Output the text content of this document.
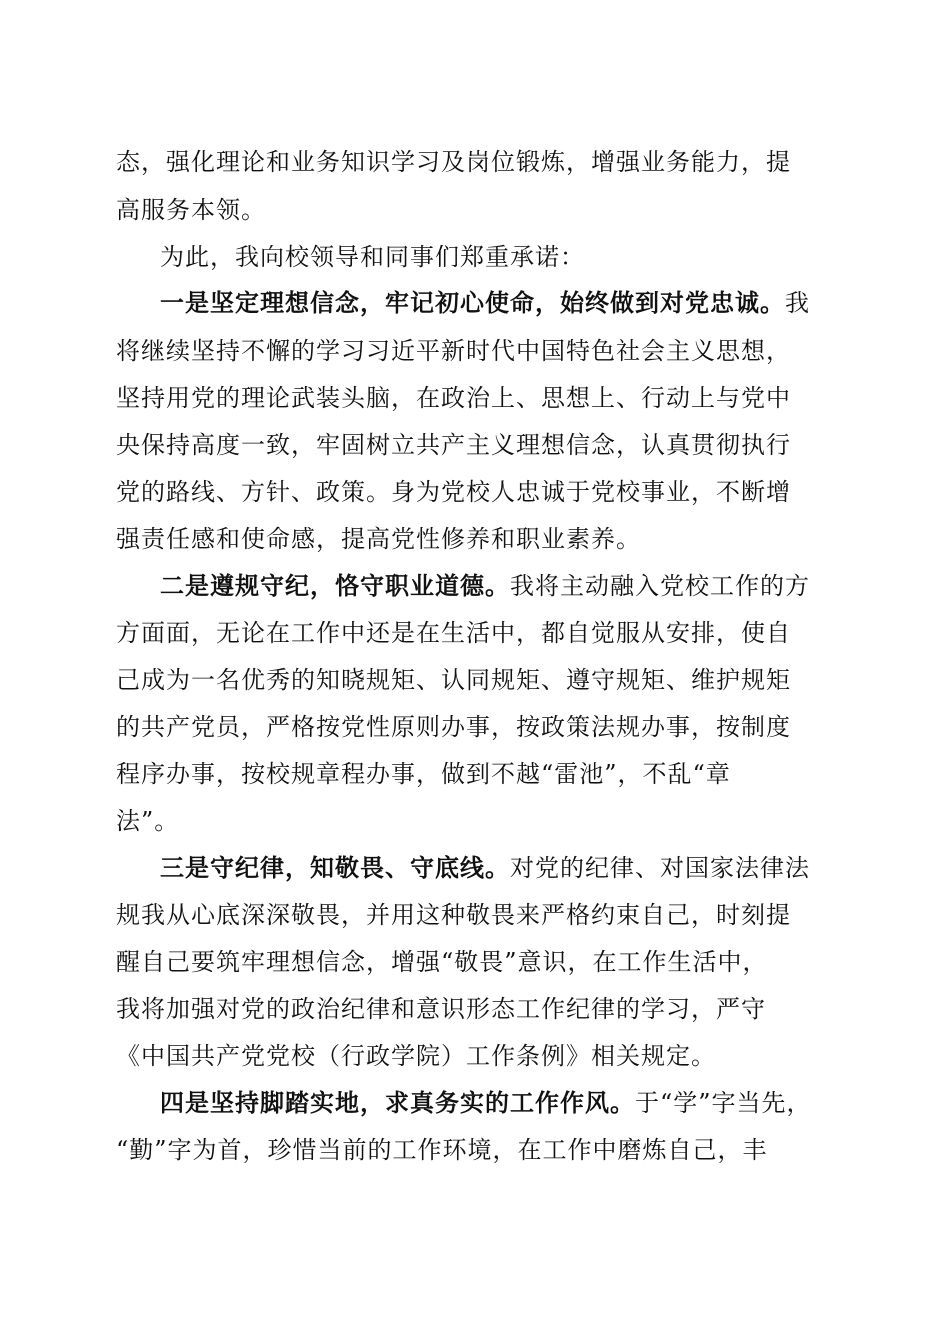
态，强化理论和业务知识学习及岗位锻炼，增强业务能力，提
高服务本领。
为此，我向校领导和同事们郑重承诺：
一是坚定理想信念，牢记初心使命，始终做到对党忠诚。我
将继续坚持不懈的学习习近平新时代中国特色社会主义思想，
坚持用党的理论武装头脑，在政治上、思想上、行动上与党中
央保持高度一致，牢固树立共产主义理想信念，认真贯彻执行
党的路线、方针、政策。身为党校人忠诚于党校事业，不断增
强责任感和使命感，提高党性修养和职业素养。
二是遵规守纪，恪守职业道德。我将主动融入党校工作的方
方面面，无论在工作中还是在生活中，都自觉服从安排，使自
己成为一名优秀的知晓规矩、认同规矩、遵守规矩、维护规矩
的共产党员，严格按党性原则办事，按政策法规办事，按制度
程序办事，按校规章程办事，做到不越“雷池”，不乱“章
法”。
三是守纪律，知敬畏、守底线。对党的纪律、对国家法律法
规我从心底深深敬畏，并用这种敬畏来严格约束自己，时刻提
醒自己要筑牢理想信念，增强“敬畏”意识，在工作生活中，
我将加强对党的政治纪律和意识形态工作纪律的学习，严守
《中国共产党党校（行政学院）工作条例》相关规定。
四是坚持脚踏实地，求真务实的工作作风。于“学”字当先，
“勤”字为首，珍惜当前的工作环境，在工作中磨炼自己，丰
